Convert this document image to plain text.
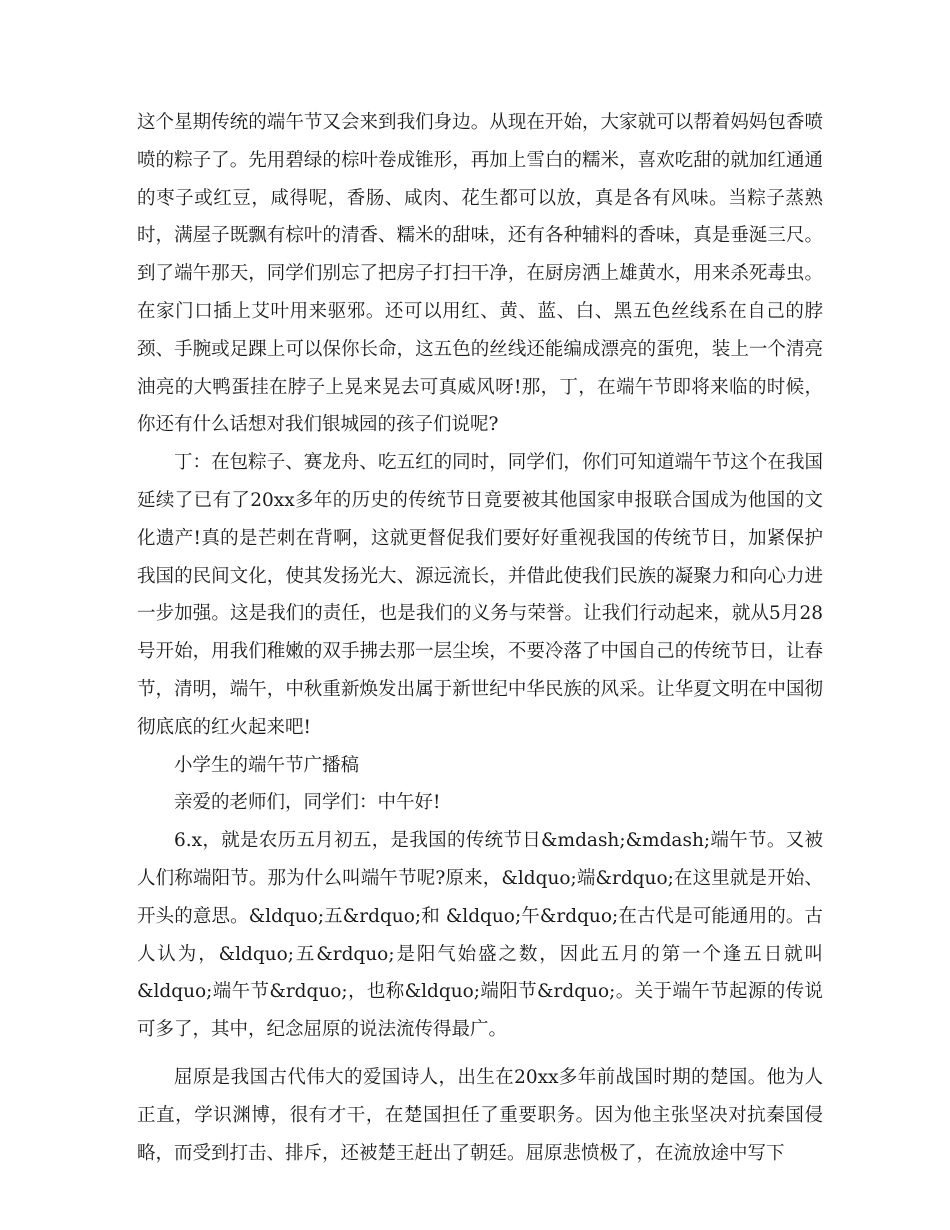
这个星期传统的端午节又会来到我们身边。从现在开始，大家就可以帮着妈妈包香喷喷的粽子了。先用碧绿的棕叶卷成锥形，再加上雪白的糯米，喜欢吃甜的就加红通通的枣子或红豆，咸得呢，香肠、咸肉、花生都可以放，真是各有风味。当粽子蒸熟时，满屋子既飘有棕叶的清香、糯米的甜味，还有各种辅料的香味，真是垂涎三尺。到了端午那天，同学们别忘了把房子打扫干净，在厨房洒上雄黄水，用来杀死毒虫。在家门口插上艾叶用来驱邪。还可以用红、黄、蓝、白、黑五色丝线系在自己的脖颈、手腕或足踝上可以保你长命，这五色的丝线还能编成漂亮的蛋兜，装上一个清亮油亮的大鸭蛋挂在脖子上晃来晃去可真威风呀!那，丁，在端午节即将来临的时候，你还有什么话想对我们银城园的孩子们说呢?

丁：在包粽子、赛龙舟、吃五红的同时，同学们，你们可知道端午节这个在我国延续了已有了20xx多年的历史的传统节日竟要被其他国家申报联合国成为他国的文化遗产!真的是芒刺在背啊，这就更督促我们要好好重视我国的传统节日，加紧保护我国的民间文化，使其发扬光大、源远流长，并借此使我们民族的凝聚力和向心力进一步加强。这是我们的责任，也是我们的义务与荣誉。让我们行动起来，就从5月28号开始，用我们稚嫩的双手拂去那一层尘埃，不要冷落了中国自己的传统节日，让春节，清明，端午，中秋重新焕发出属于新世纪中华民族的风采。让华夏文明在中国彻彻底底的红火起来吧!

小学生的端午节广播稿

亲爱的老师们，同学们：中午好!

6.x，就是农历五月初五，是我国的传统节日&mdash;&mdash;端午节。又被人们称端阳节。那为什么叫端午节呢?原来，&ldquo;端&rdquo;在这里就是开始、开头的意思。&ldquo;五&rdquo;和 &ldquo;午&rdquo;在古代是可能通用的。古人认为，&ldquo;五&rdquo;是阳气始盛之数，因此五月的第一个逢五日就叫&ldquo;端午节&rdquo;，也称&ldquo;端阳节&rdquo;。关于端午节起源的传说可多了，其中，纪念屈原的说法流传得最广。

屈原是我国古代伟大的爱国诗人，出生在20xx多年前战国时期的楚国。他为人正直，学识渊博，很有才干，在楚国担任了重要职务。因为他主张坚决对抗秦国侵略，而受到打击、排斥，还被楚王赶出了朝廷。屈原悲愤极了，在流放途中写下
